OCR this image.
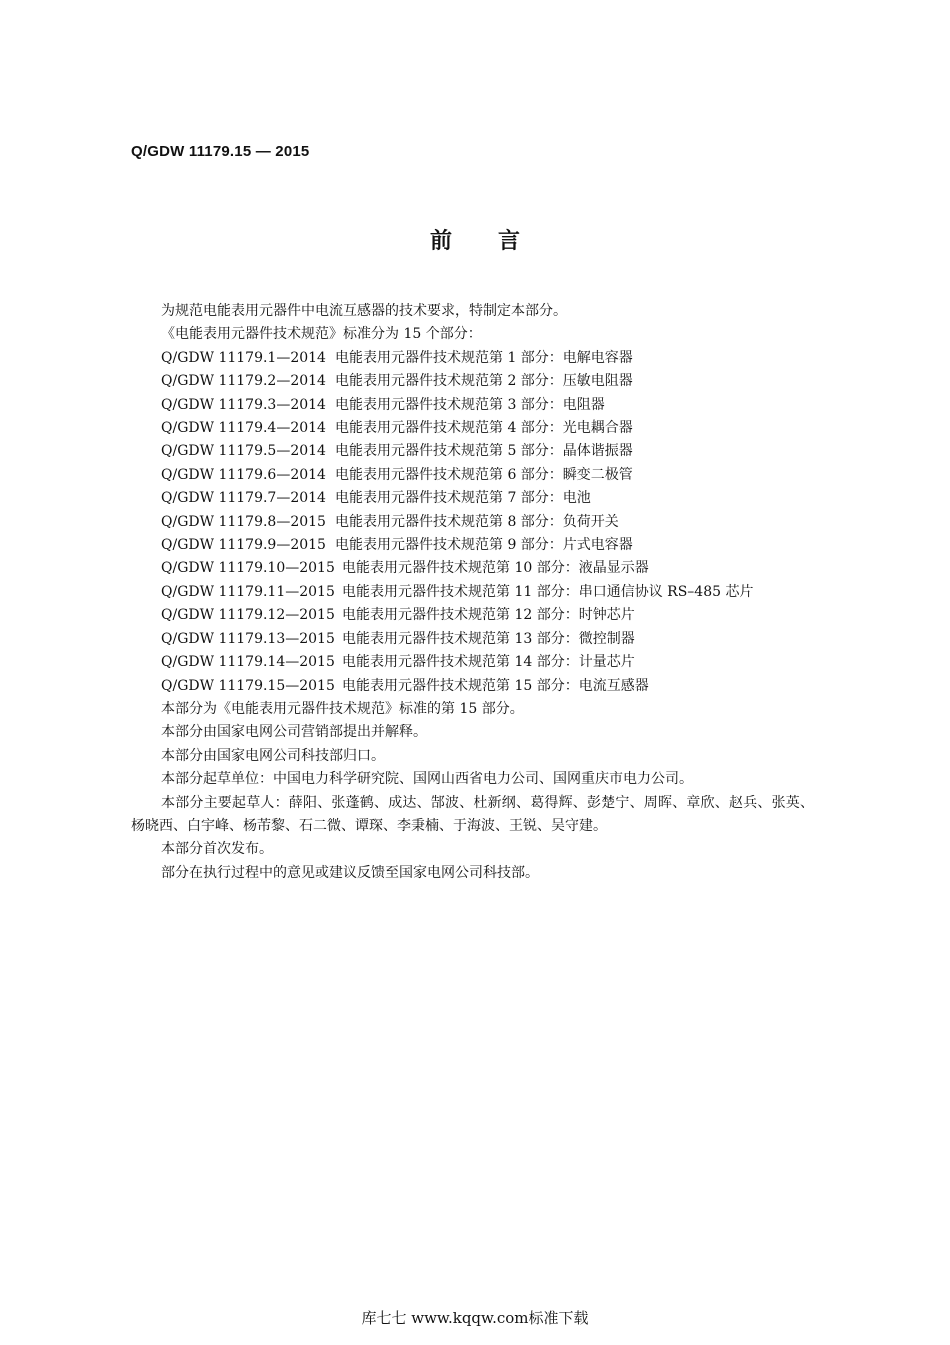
Q/GDW 11179.15 — 2015
前 言

为规范电能表用元器件中电流互感器的技术要求，特制定本部分。

《电能表用元器件技术规范》标准分为 15 个部分：

Q/GDW 11179.1—2014 电能表用元器件技术规范第 1 部分：电解电容器
Q/GDW 11179.2—2014 电能表用元器件技术规范第 2 部分：压敏电阻器
Q/GDW 11179.3—2014 电能表用元器件技术规范第 3 部分：电阻器
Q/GDW 11179.4—2014 电能表用元器件技术规范第 4 部分：光电耦合器
Q/GDW 11179.5—2014 电能表用元器件技术规范第 5 部分：晶体谐振器
Q/GDW 11179.6—2014 电能表用元器件技术规范第 6 部分：瞬变二极管
Q/GDW 11179.7—2014 电能表用元器件技术规范第 7 部分：电池
Q/GDW 11179.8—2015 电能表用元器件技术规范第 8 部分：负荷开关
Q/GDW 11179.9—2015 电能表用元器件技术规范第 9 部分：片式电容器
Q/GDW 11179.10—2015 电能表用元器件技术规范第 10 部分：液晶显示器
Q/GDW 11179.11—2015 电能表用元器件技术规范第 11 部分：串口通信协议 RS–485 芯片
Q/GDW 11179.12—2015 电能表用元器件技术规范第 12 部分：时钟芯片
Q/GDW 11179.13—2015 电能表用元器件技术规范第 13 部分：微控制器
Q/GDW 11179.14—2015 电能表用元器件技术规范第 14 部分：计量芯片
Q/GDW 11179.15—2015 电能表用元器件技术规范第 15 部分：电流互感器

本部分为《电能表用元器件技术规范》标准的第 15 部分。

本部分由国家电网公司营销部提出并解释。

本部分由国家电网公司科技部归口。

本部分起草单位：中国电力科学研究院、国网山西省电力公司、国网重庆市电力公司。

本部分主要起草人：薛阳、张蓬鹤、成达、郜波、杜新纲、葛得辉、彭楚宁、周晖、章欣、赵兵、张英、杨晓西、白宇峰、杨芾黎、石二微、谭琛、李秉楠、于海波、王锐、吴守建。

本部分首次发布。

部分在执行过程中的意见或建议反馈至国家电网公司科技部。

库七七 www.kqqw.com标准下载
